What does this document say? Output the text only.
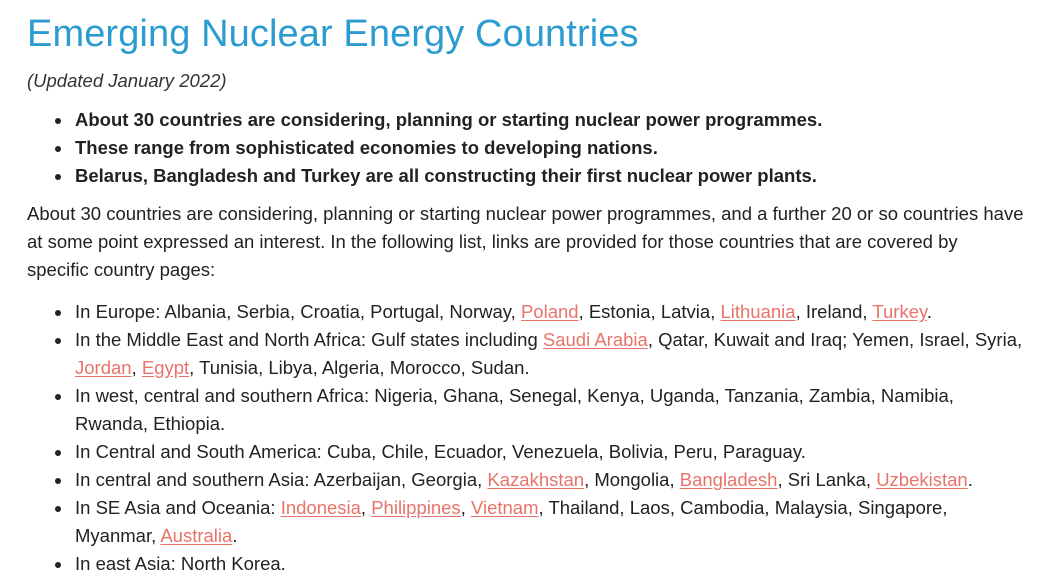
Emerging Nuclear Energy Countries

(Updated January 2022)

About 30 countries are considering, planning or starting nuclear power programmes.
These range from sophisticated economies to developing nations.
Belarus, Bangladesh and Turkey are all constructing their first nuclear power plants.

About 30 countries are considering, planning or starting nuclear power programmes, and a further 20 or so countries have at some point expressed an interest. In the following list, links are provided for those countries that are covered by specific country pages:

In Europe: Albania, Serbia, Croatia, Portugal, Norway, Poland, Estonia, Latvia, Lithuania, Ireland, Turkey.
In the Middle East and North Africa: Gulf states including Saudi Arabia, Qatar, Kuwait and Iraq; Yemen, Israel, Syria, Jordan, Egypt, Tunisia, Libya, Algeria, Morocco, Sudan.
In west, central and southern Africa: Nigeria, Ghana, Senegal, Kenya, Uganda, Tanzania, Zambia, Namibia, Rwanda, Ethiopia.
In Central and South America: Cuba, Chile, Ecuador, Venezuela, Bolivia, Peru, Paraguay.
In central and southern Asia: Azerbaijan, Georgia, Kazakhstan, Mongolia, Bangladesh, Sri Lanka, Uzbekistan.
In SE Asia and Oceania: Indonesia, Philippines, Vietnam, Thailand, Laos, Cambodia, Malaysia, Singapore, Myanmar, Australia.
In east Asia: North Korea.
